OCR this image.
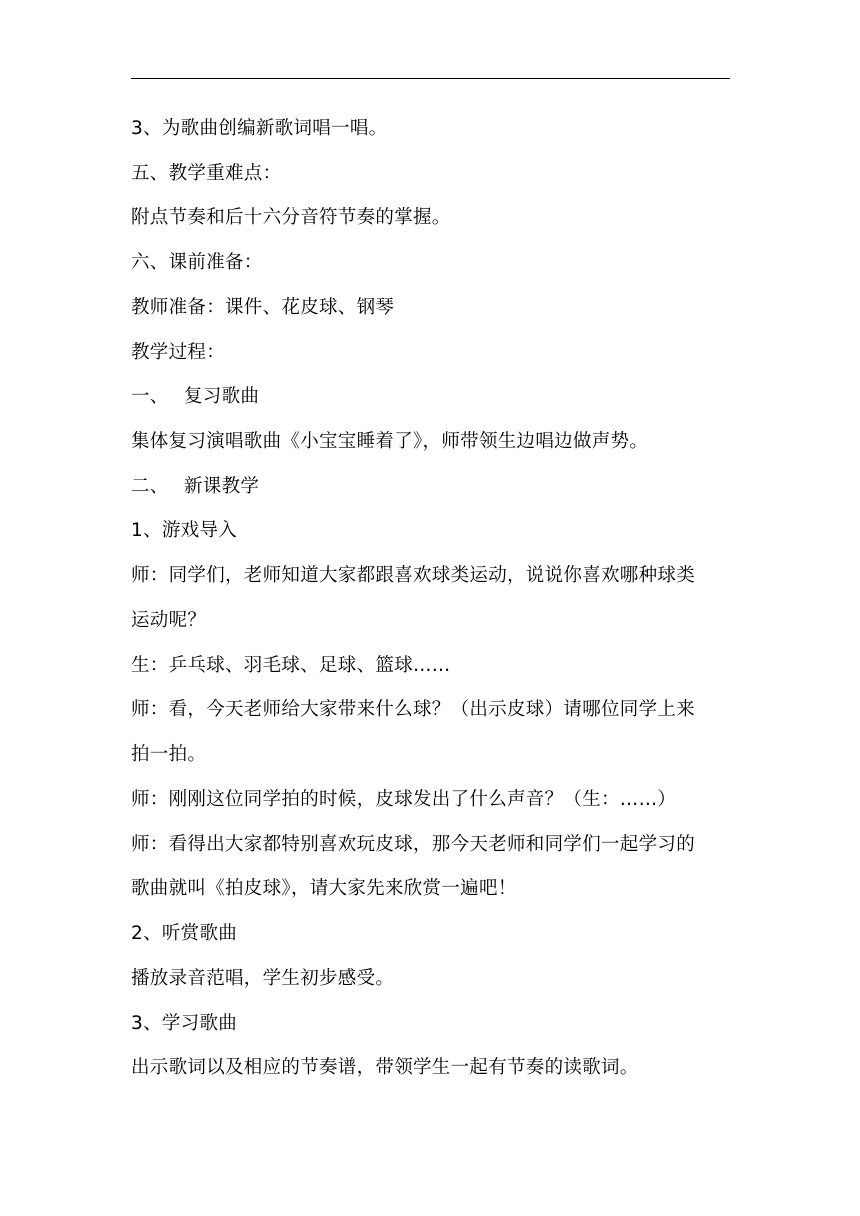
3、为歌曲创编新歌词唱一唱。

五、教学重难点：

附点节奏和后十六分音符节奏的掌握。

六、课前准备：

教师准备：课件、花皮球、钢琴

教学过程：

一、 复习歌曲

集体复习演唱歌曲《小宝宝睡着了》，师带领生边唱边做声势。

二、 新课教学

1、游戏导入

师：同学们，老师知道大家都跟喜欢球类运动，说说你喜欢哪种球类

运动呢？

生：乒乓球、羽毛球、足球、篮球……

师：看，今天老师给大家带来什么球？（出示皮球）请哪位同学上来

拍一拍。

师：刚刚这位同学拍的时候，皮球发出了什么声音？（生：……）

师：看得出大家都特别喜欢玩皮球，那今天老师和同学们一起学习的

歌曲就叫《拍皮球》，请大家先来欣赏一遍吧！

2、听赏歌曲

播放录音范唱，学生初步感受。

3、学习歌曲

出示歌词以及相应的节奏谱，带领学生一起有节奏的读歌词。
